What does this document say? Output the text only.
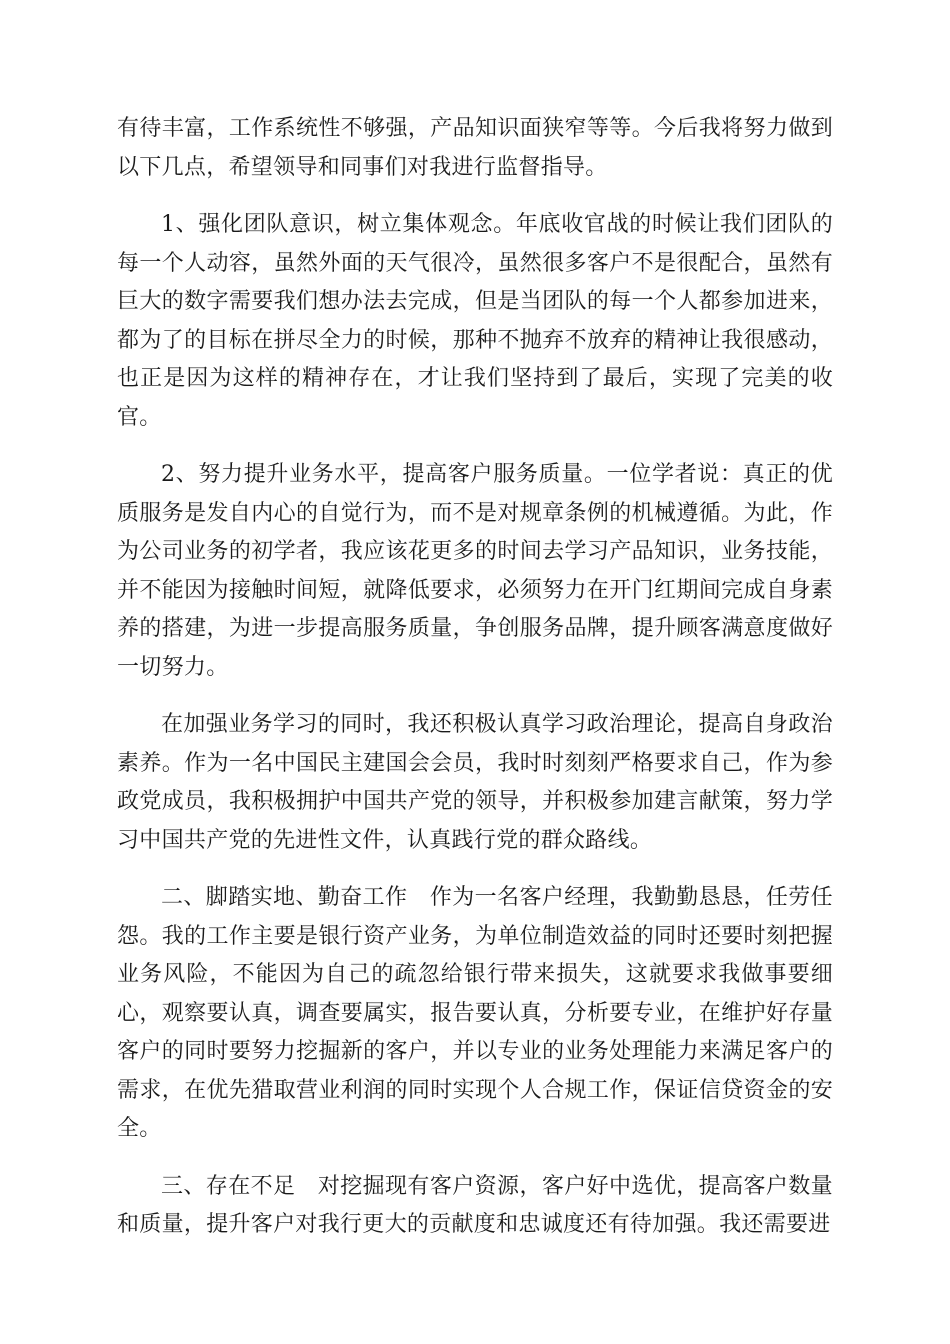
有待丰富，工作系统性不够强，产品知识面狭窄等等。今后我将努力做到以下几点，希望领导和同事们对我进行监督指导。

1、强化团队意识，树立集体观念。年底收官战的时候让我们团队的每一个人动容，虽然外面的天气很冷，虽然很多客户不是很配合，虽然有巨大的数字需要我们想办法去完成，但是当团队的每一个人都参加进来，都为了的目标在拼尽全力的时候，那种不抛弃不放弃的精神让我很感动，也正是因为这样的精神存在，才让我们坚持到了最后，实现了完美的收官。

2、努力提升业务水平，提高客户服务质量。一位学者说：真正的优质服务是发自内心的自觉行为，而不是对规章条例的机械遵循。为此，作为公司业务的初学者，我应该花更多的时间去学习产品知识，业务技能，并不能因为接触时间短，就降低要求，必须努力在开门红期间完成自身素养的搭建，为进一步提高服务质量，争创服务品牌，提升顾客满意度做好一切努力。

在加强业务学习的同时，我还积极认真学习政治理论，提高自身政治素养。作为一名中国民主建国会会员，我时时刻刻严格要求自己，作为参政党成员，我积极拥护中国共产党的领导，并积极参加建言献策，努力学习中国共产党的先进性文件，认真践行党的群众路线。

二、脚踏实地、勤奋工作　作为一名客户经理，我勤勤恳恳，任劳任怨。我的工作主要是银行资产业务，为单位制造效益的同时还要时刻把握业务风险，不能因为自己的疏忽给银行带来损失，这就要求我做事要细心，观察要认真，调查要属实，报告要认真，分析要专业，在维护好存量客户的同时要努力挖掘新的客户，并以专业的业务处理能力来满足客户的需求，在优先猎取营业利润的同时实现个人合规工作，保证信贷资金的安全。

三、存在不足　对挖掘现有客户资源，客户好中选优，提高客户数量和质量，提升客户对我行更大的贡献度和忠诚度还有待加强。我还需要进
